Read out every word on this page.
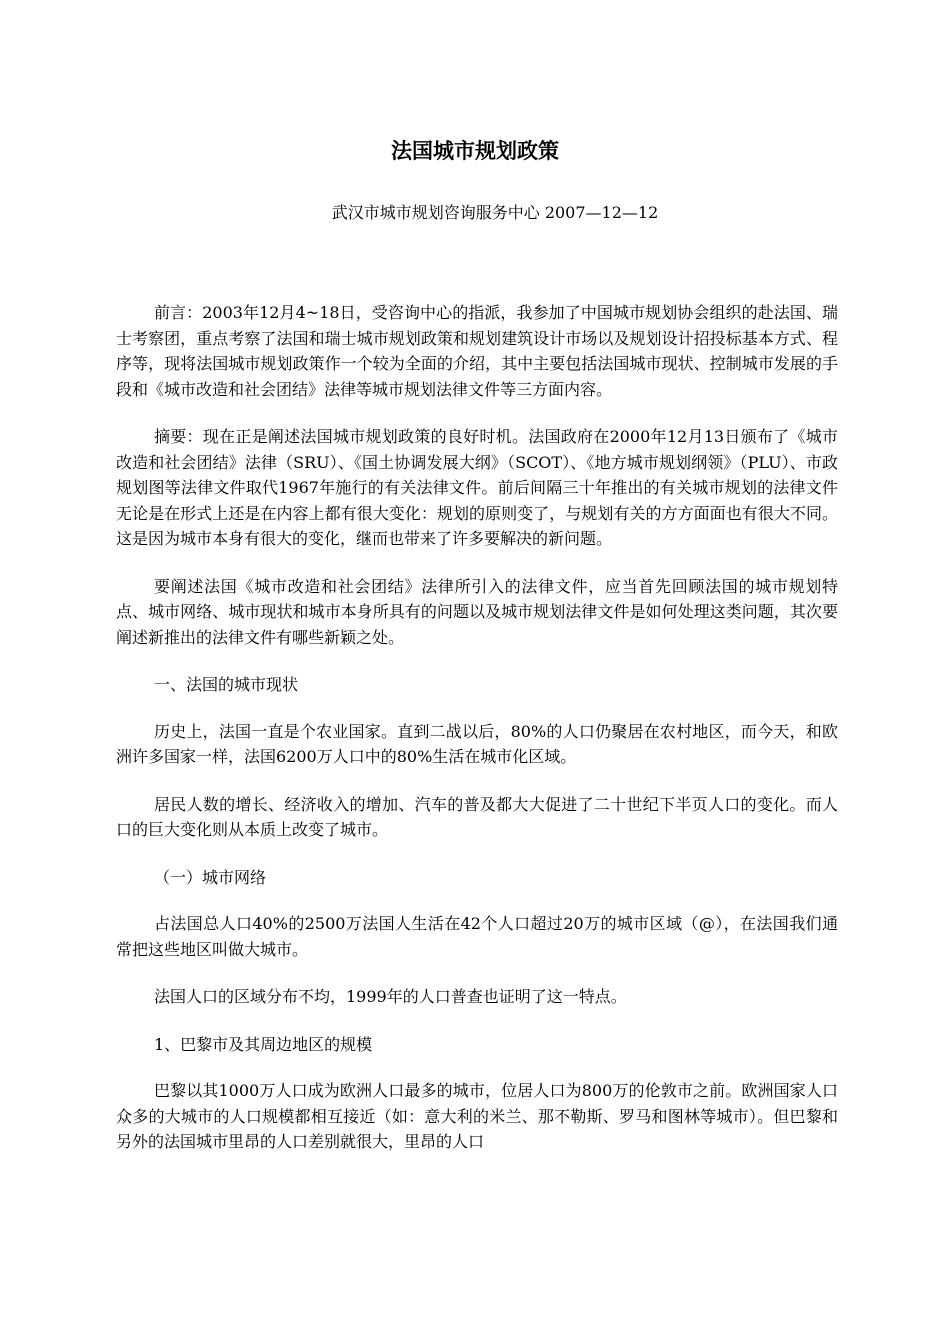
法国城市规划政策

武汉市城市规划咨询服务中心 2007—12—12

前言：2003年12月4~18日，受咨询中心的指派，我参加了中国城市规划协会组织的赴法国、瑞士考察团，重点考察了法国和瑞士城市规划政策和规划建筑设计市场以及规划设计招投标基本方式、程序等，现将法国城市规划政策作一个较为全面的介绍，其中主要包括法国城市现状、控制城市发展的手段和《城市改造和社会团结》法律等城市规划法律文件等三方面内容。

摘要：现在正是阐述法国城市规划政策的良好时机。法国政府在2000年12月13日颁布了《城市改造和社会团结》法律（SRU）、《国土协调发展大纲》（SCOT）、《地方城市规划纲领》（PLU）、市政规划图等法律文件取代1967年施行的有关法律文件。前后间隔三十年推出的有关城市规划的法律文件无论是在形式上还是在内容上都有很大变化：规划的原则变了，与规划有关的方方面面也有很大不同。这是因为城市本身有很大的变化，继而也带来了许多要解决的新问题。

要阐述法国《城市改造和社会团结》法律所引入的法律文件，应当首先回顾法国的城市规划特点、城市网络、城市现状和城市本身所具有的问题以及城市规划法律文件是如何处理这类问题，其次要阐述新推出的法律文件有哪些新颖之处。

一、法国的城市现状

历史上，法国一直是个农业国家。直到二战以后，80%的人口仍聚居在农村地区，而今天，和欧洲许多国家一样，法国6200万人口中的80%生活在城市化区域。

居民人数的增长、经济收入的增加、汽车的普及都大大促进了二十世纪下半页人口的变化。而人口的巨大变化则从本质上改变了城市。

（一）城市网络

占法国总人口40%的2500万法国人生活在42个人口超过20万的城市区域（@），在法国我们通常把这些地区叫做大城市。

法国人口的区域分布不均，1999年的人口普查也证明了这一特点。

1、巴黎市及其周边地区的规模

巴黎以其1000万人口成为欧洲人口最多的城市，位居人口为800万的伦敦市之前。欧洲国家人口众多的大城市的人口规模都相互接近（如：意大利的米兰、那不勒斯、罗马和图林等城市）。但巴黎和另外的法国城市里昂的人口差别就很大，里昂的人口
